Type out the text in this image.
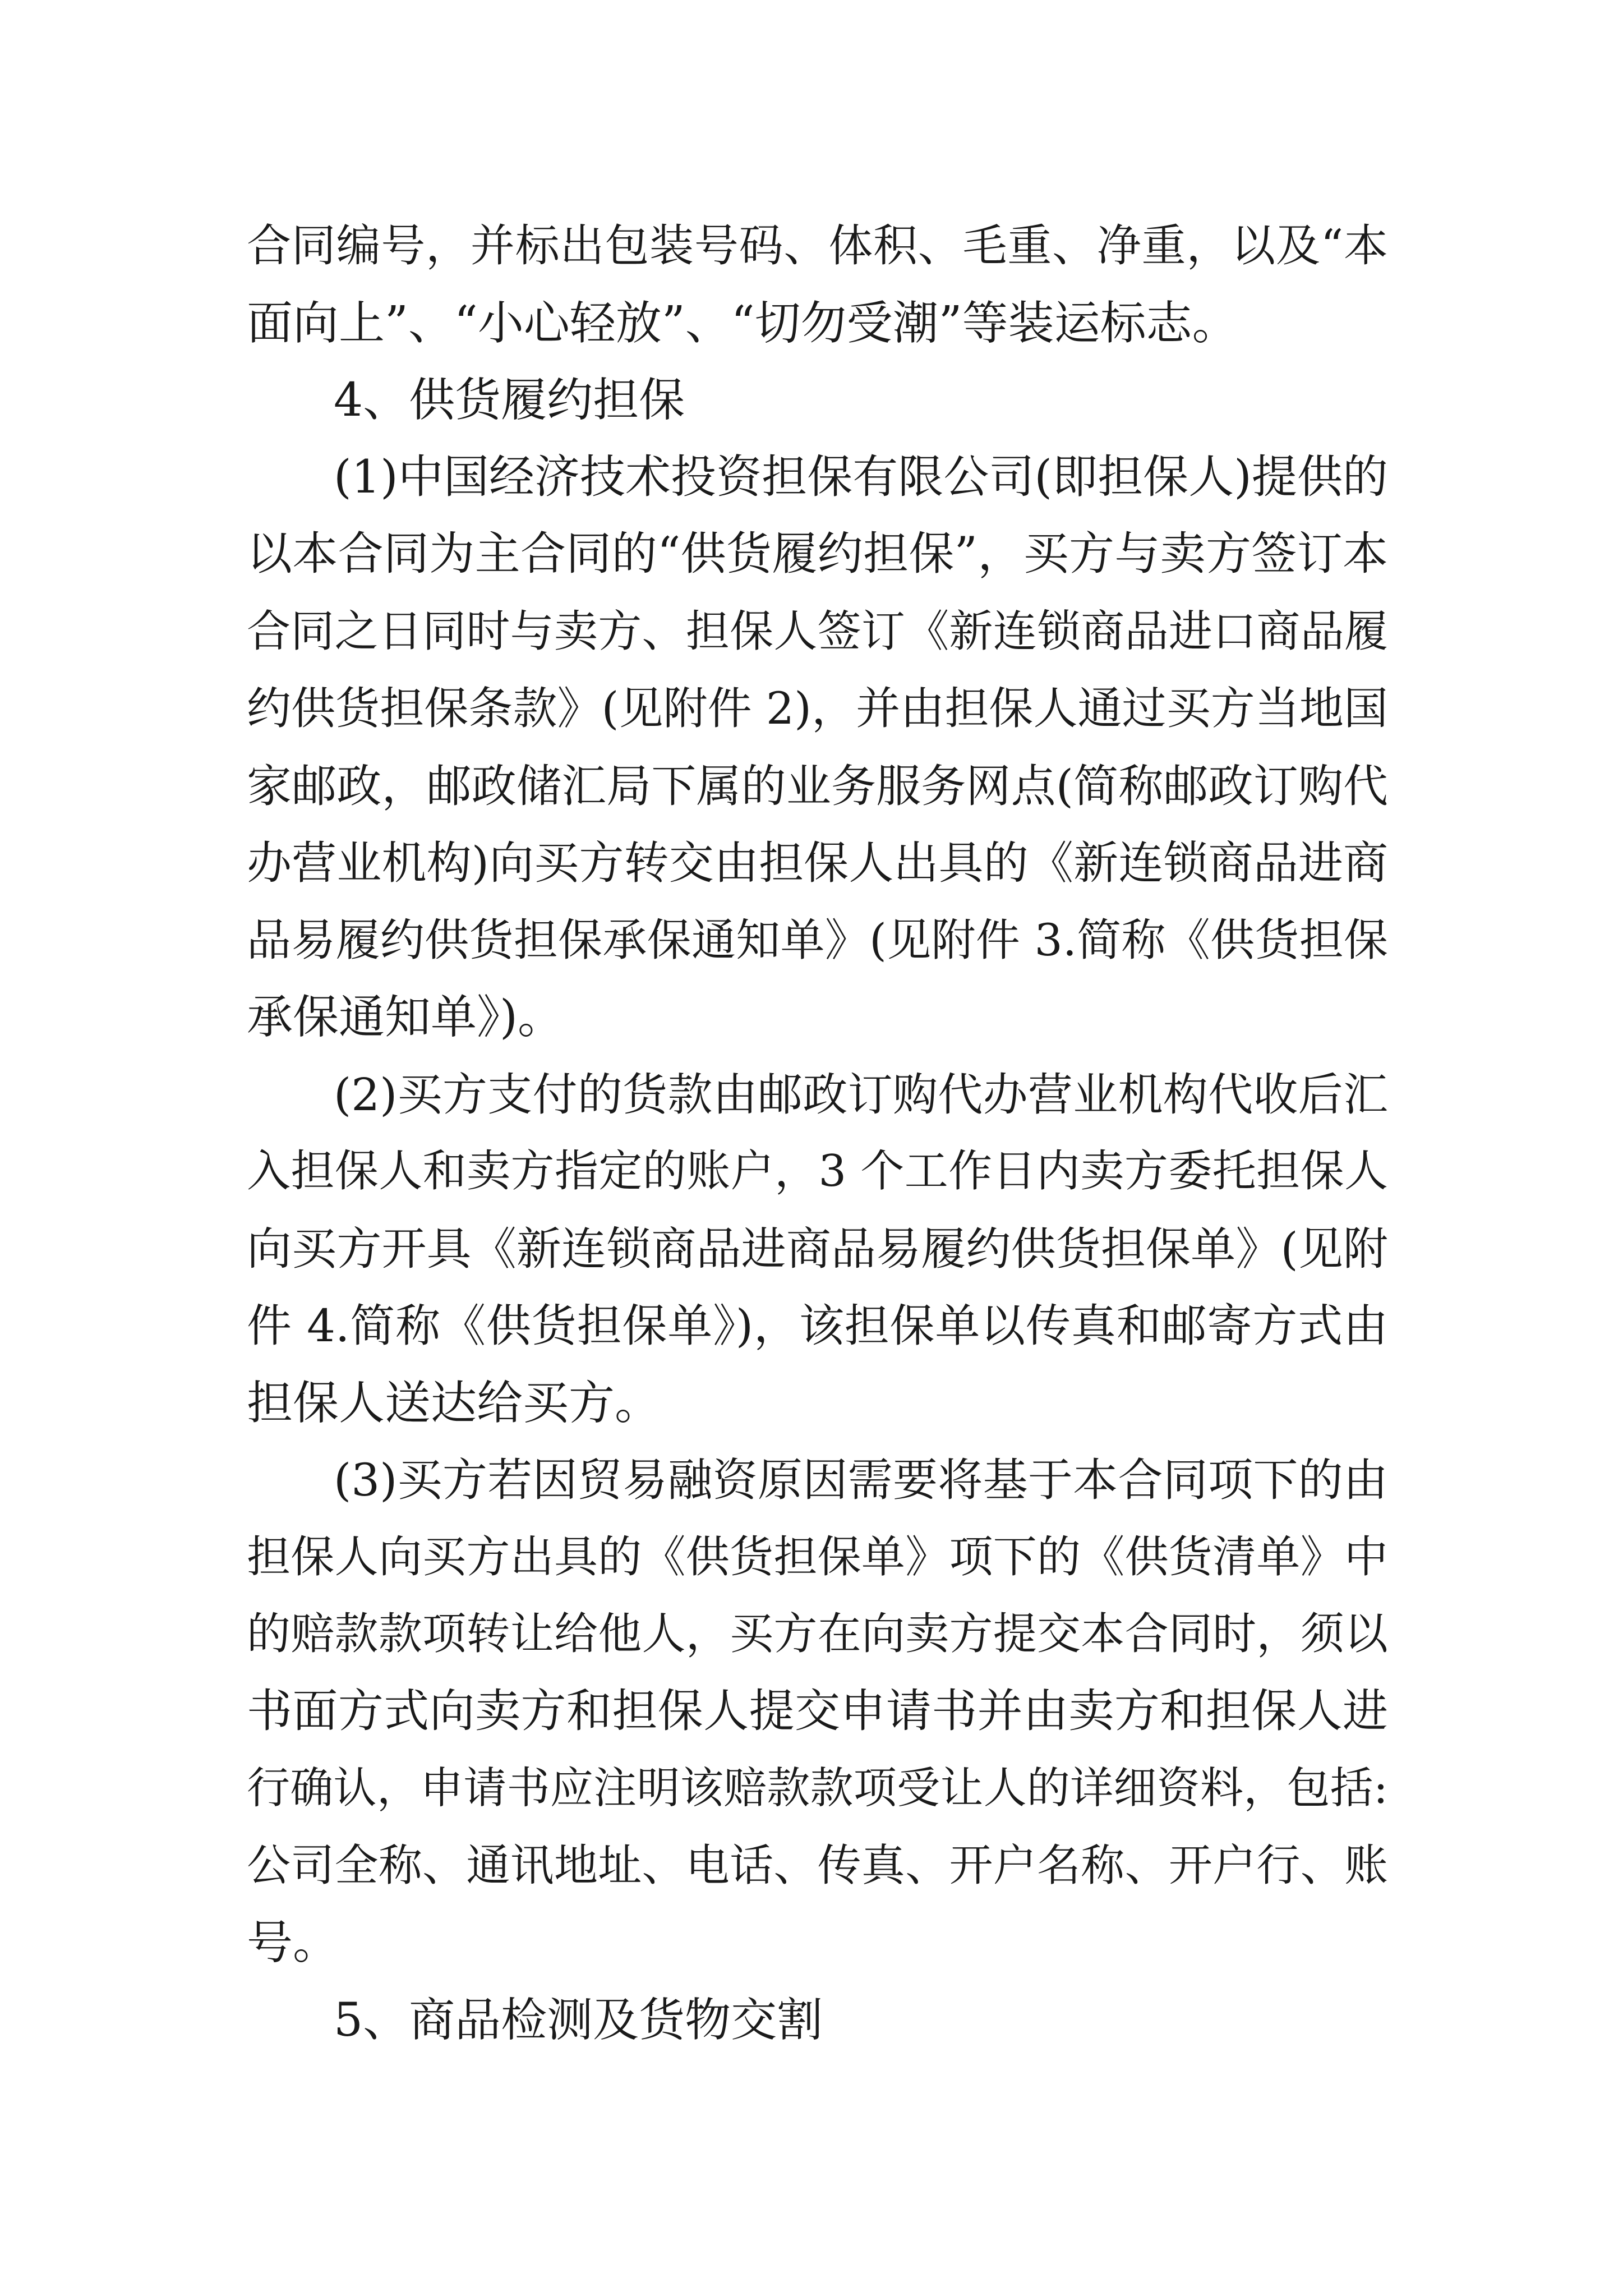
合同编号，并标出包装号码、体积、毛重、净重，以及“本
面向上”、“小心轻放”、“切勿受潮”等装运标志。
4、供货履约担保
(1)中国经济技术投资担保有限公司(即担保人)提供的
以本合同为主合同的“供货履约担保”，买方与卖方签订本
合同之日同时与卖方、担保人签订《新连锁商品进口商品履
约供货担保条款》(见附件 2)，并由担保人通过买方当地国
家邮政，邮政储汇局下属的业务服务网点(简称邮政订购代
办营业机构)向买方转交由担保人出具的《新连锁商品进商
品易履约供货担保承保通知单》(见附件 3.简称《供货担保
承保通知单》)。
(2)买方支付的货款由邮政订购代办营业机构代收后汇
入担保人和卖方指定的账户，3 个工作日内卖方委托担保人
向买方开具《新连锁商品进商品易履约供货担保单》(见附
件 4.简称《供货担保单》)，该担保单以传真和邮寄方式由
担保人送达给买方。
(3)买方若因贸易融资原因需要将基于本合同项下的由
担保人向买方出具的《供货担保单》项下的《供货清单》中
的赔款款项转让给他人，买方在向卖方提交本合同时，须以
书面方式向卖方和担保人提交申请书并由卖方和担保人进
行确认，申请书应注明该赔款款项受让人的详细资料，包括:
公司全称、通讯地址、电话、传真、开户名称、开户行、账
号。
5、商品检测及货物交割
